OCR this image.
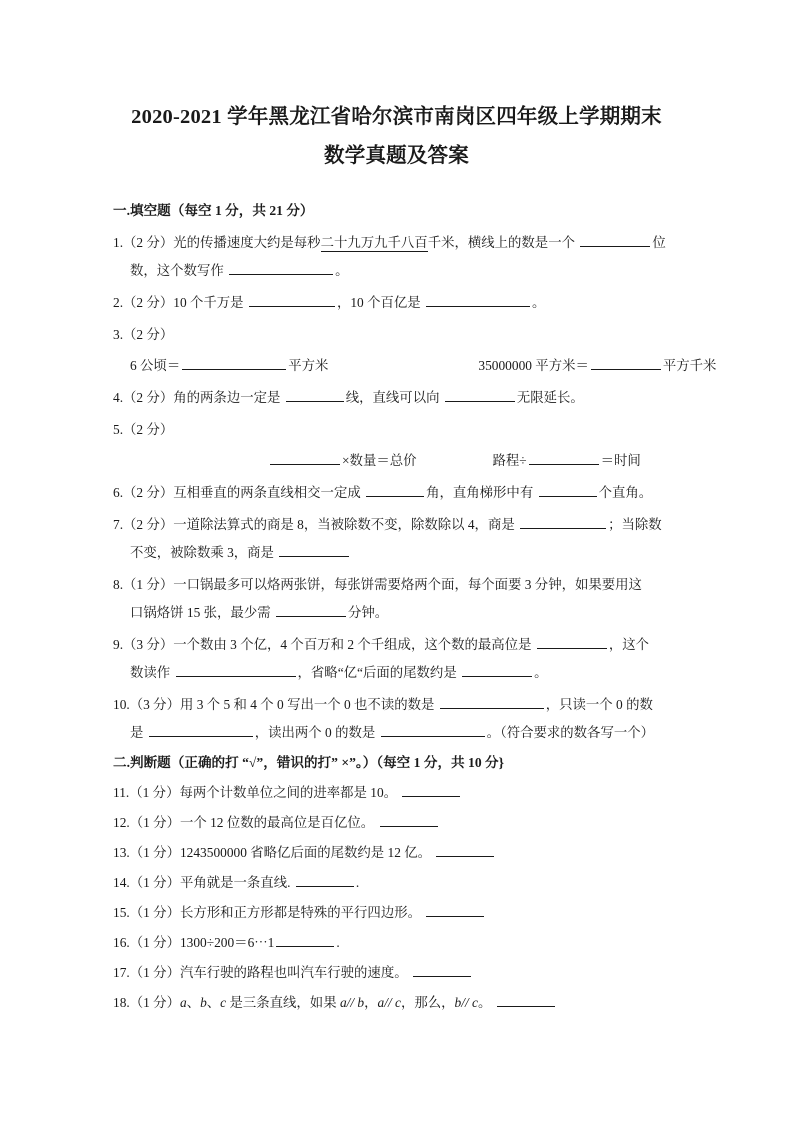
2020-2021 学年黑龙江省哈尔滨市南岗区四年级上学期期末
数学真题及答案
一.填空题（每空 1 分，共 21 分）
1.（2 分）光的传播速度大约是每秒二十九万九千八百千米，横线上的数是一个	位
数，这个数写作	。
2.（2 分）10 个千万是	，10 个百亿是	。
3.（2 分）
6 公顷＝	平方米	35000000 平方米＝	平方千米
4.（2 分）角的两条边一定是	线，直线可以向	无限延长。
5.（2 分）
×数量＝总价	路程÷	＝时间
6.（2 分）互相垂直的两条直线相交一定成	角，直角梯形中有	个直角。
7.（2 分）一道除法算式的商是 8，当被除数不变，除数除以 4，商是	；当除数
不变，被除数乘 3，商是
8.（1 分）一口锅最多可以烙两张饼，每张饼需要烙两个面，每个面要 3 分钟，如果要用这
口锅烙饼 15 张，最少需	分钟。
9.（3 分）一个数由 3 个亿，4 个百万和 2 个千组成，这个数的最高位是	，这个
数读作	，省略“亿“后面的尾数约是	。
10.（3 分）用 3 个 5 和 4 个 0 写出一个 0 也不读的数是	，只读一个 0 的数
是	，读出两个 0 的数是	。（符合要求的数各写一个）
二.判断题（正确的打 “√”，错识的打” ×”。）（每空 1 分，共 10 分}
11.（1 分）每两个计数单位之间的进率都是 10。
12.（1 分）一个 12 位数的最高位是百亿位。
13.（1 分）1243500000 省略亿后面的尾数约是 12 亿。
14.（1 分）平角就是一条直线.	.
15.（1 分）长方形和正方形都是特殊的平行四边形。
16.（1 分）1300÷200＝6⋯1	.
17.（1 分）汽车行驶的路程也叫汽车行驶的速度。
18.（1 分）a、b、c 是三条直线，如果 a// b，a// c，那么，b// c。
